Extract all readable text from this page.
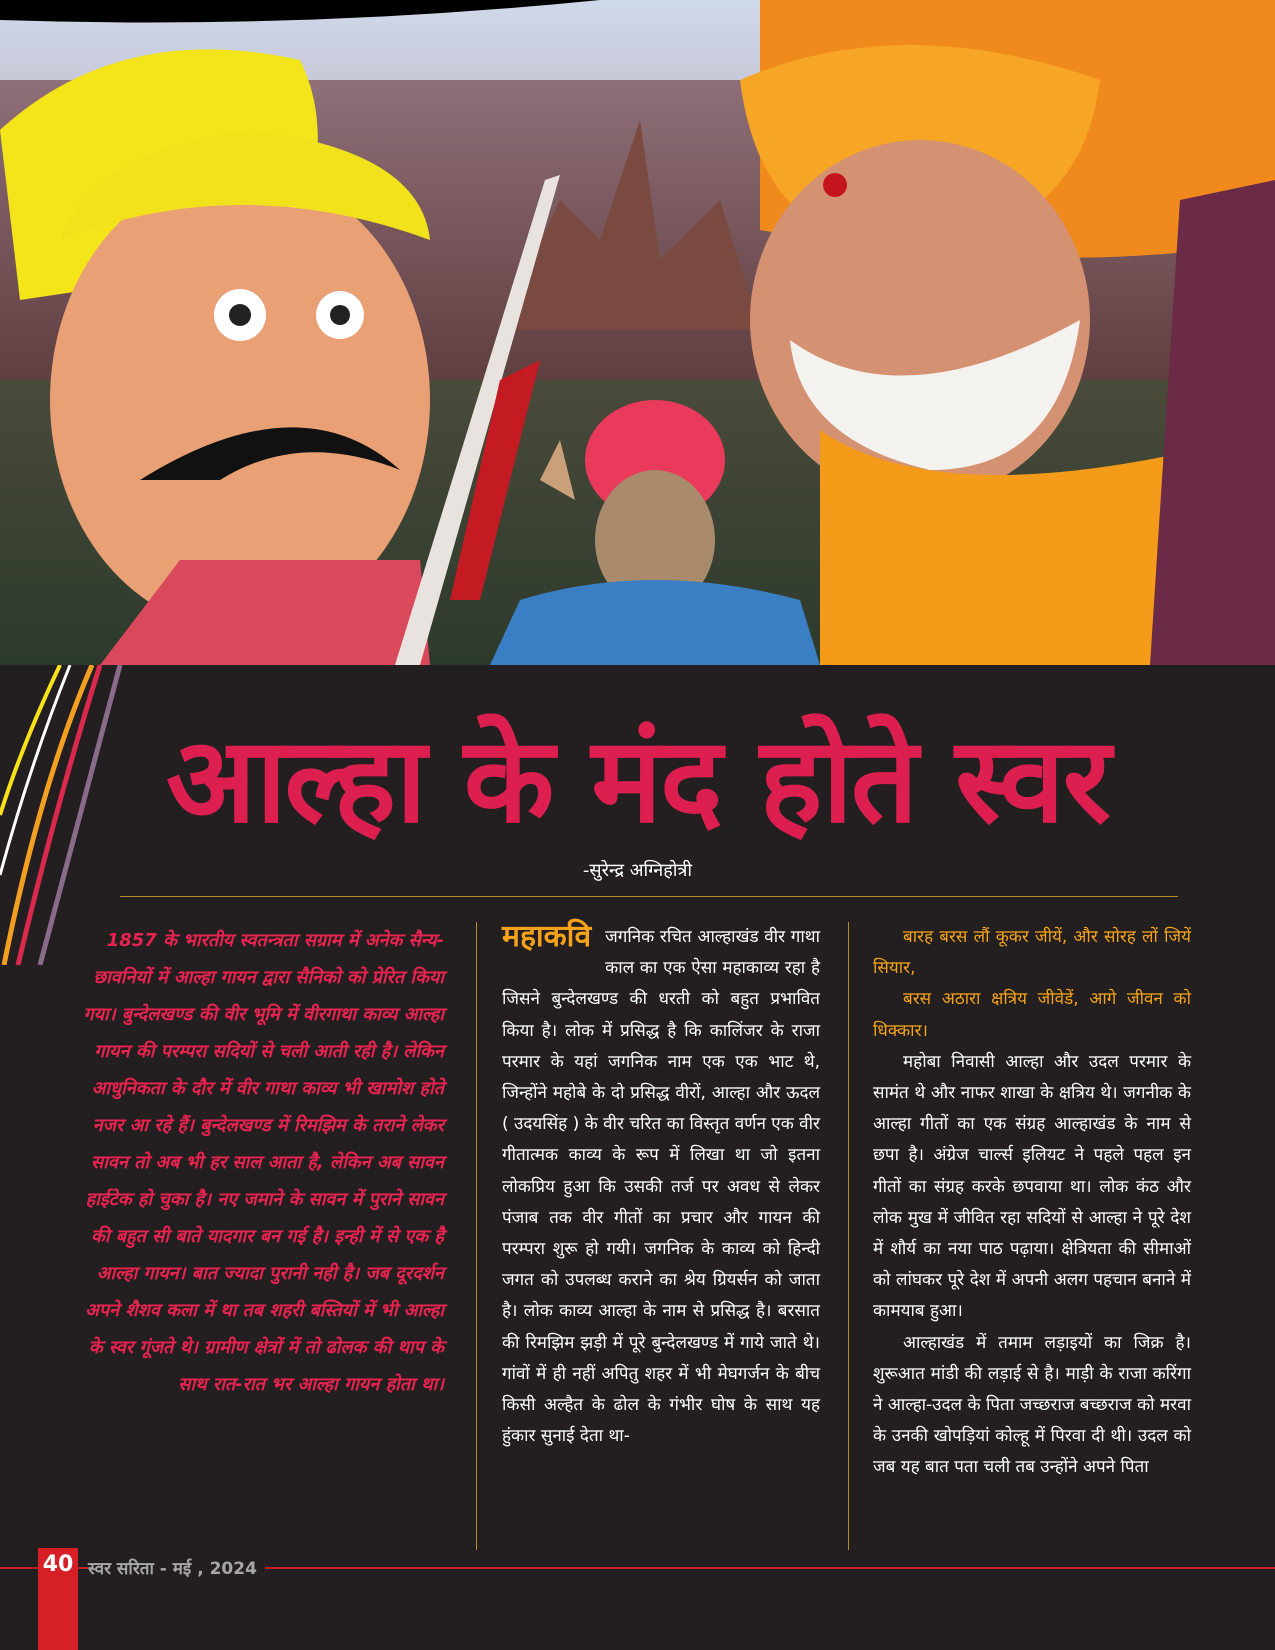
आल्हा के मंद होते स्वर
-सुरेन्द्र अग्निहोत्री
1857 के भारतीय स्वतन्त्रता सग्राम में अनेक सैन्य-छावनियों में आल्हा गायन द्वारा सैनिको को प्रेरित किया गया। बुन्देलखण्ड की वीर भूमि में वीरगाथा काव्य आल्हा गायन की परम्परा सदियों से चली आती रही है। लेकिन आधुनिकता के दौर में वीर गाथा काव्य भी खामोश होते नजर आ रहे हैं। बुन्देलखण्ड में रिमझिम के तराने लेकर सावन तो अब भी हर साल आता है, लेकिन अब सावन हाईटेक हो चुका है। नए जमाने के सावन में पुराने सावन की बहुत सी बाते यादगार बन गई है। इन्ही में से एक है आल्हा गायन। बात ज्यादा पुरानी नही है। जब दूरदर्शन अपने शैशव कला में था तब शहरी बस्तियों में भी आल्हा के स्वर गूंजते थे। ग्रामीण क्षेत्रों में तो ढोलक की थाप के साथ रात-रात भर आल्हा गायन होता था।
महाकवि जगनिक रचित आल्हाखंड वीर गाथा काल का एक ऐसा महाकाव्य रहा है जिसने बुन्देलखण्ड की धरती को बहुत प्रभावित किया है। लोक में प्रसिद्ध है कि कालिंजर के राजा परमार के यहां जगनिक नाम एक एक भाट थे, जिन्होंने महोबे के दो प्रसिद्ध वीरों, आल्हा और ऊदल ( उदयसिंह ) के वीर चरित का विस्तृत वर्णन एक वीर गीतात्मक काव्य के रूप में लिखा था जो इतना लोकप्रिय हुआ कि उसकी तर्ज पर अवध से लेकर पंजाब तक वीर गीतों का प्रचार और गायन की परम्परा शुरू हो गयी। जगनिक के काव्य को हिन्दी जगत को उपलब्ध कराने का श्रेय ग्रियर्सन को जाता है। लोक काव्य आल्हा के नाम से प्रसिद्ध है। बरसात की रिमझिम झड़ी में पूरे बुन्देलखण्ड में गाये जाते थे। गांवों में ही नहीं अपितु शहर में भी मेघगर्जन के बीच किसी अल्हैत के ढोल के गंभीर घोष के साथ यह हुंकार सुनाई देता था-

बारह बरस लौं कूकर जीयें, और सोरह लों जियें सियार,

बरस अठारा क्षत्रिय जीवेडें, आगे जीवन को धिक्कार।

महोबा निवासी आल्हा और उदल परमार के सामंत थे और नाफर शाखा के क्षत्रिय थे। जगनीक के आल्हा गीतों का एक संग्रह आल्हाखंड के नाम से छपा है। अंग्रेज चार्ल्स इलियट ने पहले पहल इन गीतों का संग्रह करके छपवाया था। लोक कंठ और लोक मुख में जीवित रहा सदियों से आल्हा ने पूरे देश में शौर्य का नया पाठ पढ़ाया। क्षेत्रियता की सीमाओं को लांघकर पूरे देश में अपनी अलग पहचान बनाने में कामयाब हुआ।

आल्हाखंड में तमाम लड़ाइयों का जिक्र है। शुरूआत मांडी की लड़ाई से है। माड़ी के राजा करिंगा ने आल्हा-उदल के पिता जच्छराज बच्छराज को मरवा के उनकी खोपड़ियां कोल्हू में पिरवा दी थी। उदल को जब यह बात पता चली तब उन्होंने अपने पिता

40 स्वर सरिता - मई , 2024
